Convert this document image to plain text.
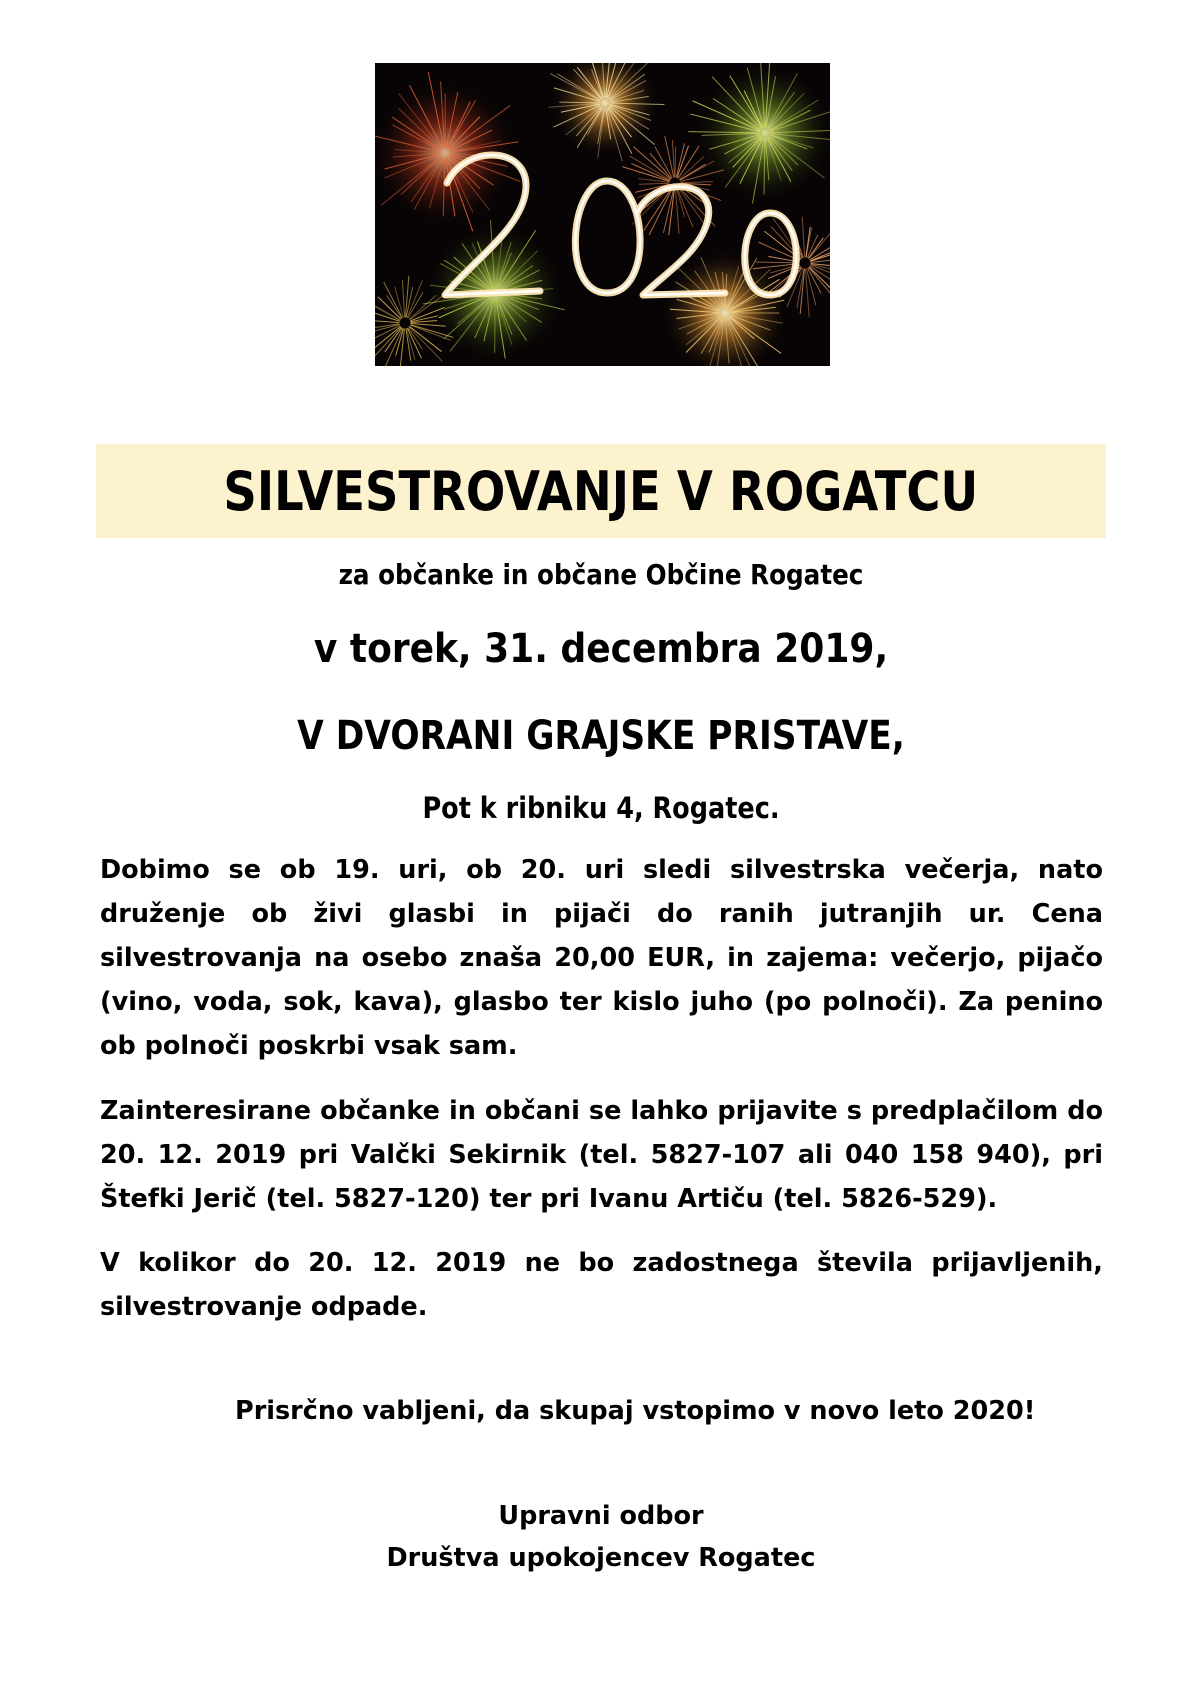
SILVESTROVANJE V ROGATCU

za občanke in občane Občine Rogatec

v torek, 31. decembra 2019,

V DVORANI GRAJSKE PRISTAVE,

Pot k ribniku 4, Rogatec.

Dobimo se ob 19. uri, ob 20. uri sledi silvestrska večerja, nato druženje ob živi glasbi in pijači do ranih jutranjih ur. Cena silvestrovanja na osebo znaša 20,00 EUR, in zajema: večerjo, pijačo (vino, voda, sok, kava), glasbo ter kislo juho (po polnoči). Za penino ob polnoči poskrbi vsak sam.

Zainteresirane občanke in občani se lahko prijavite s predplačilom do 20. 12. 2019 pri Valčki Sekirnik (tel. 5827-107 ali 040 158 940), pri Štefki Jerič (tel. 5827-120) ter pri Ivanu Artiču (tel. 5826-529).

V kolikor do 20. 12. 2019 ne bo zadostnega števila prijavljenih, silvestrovanje odpade.

Prisrčno vabljeni, da skupaj vstopimo v novo leto 2020!

Upravni odbor
Društva upokojencev Rogatec
